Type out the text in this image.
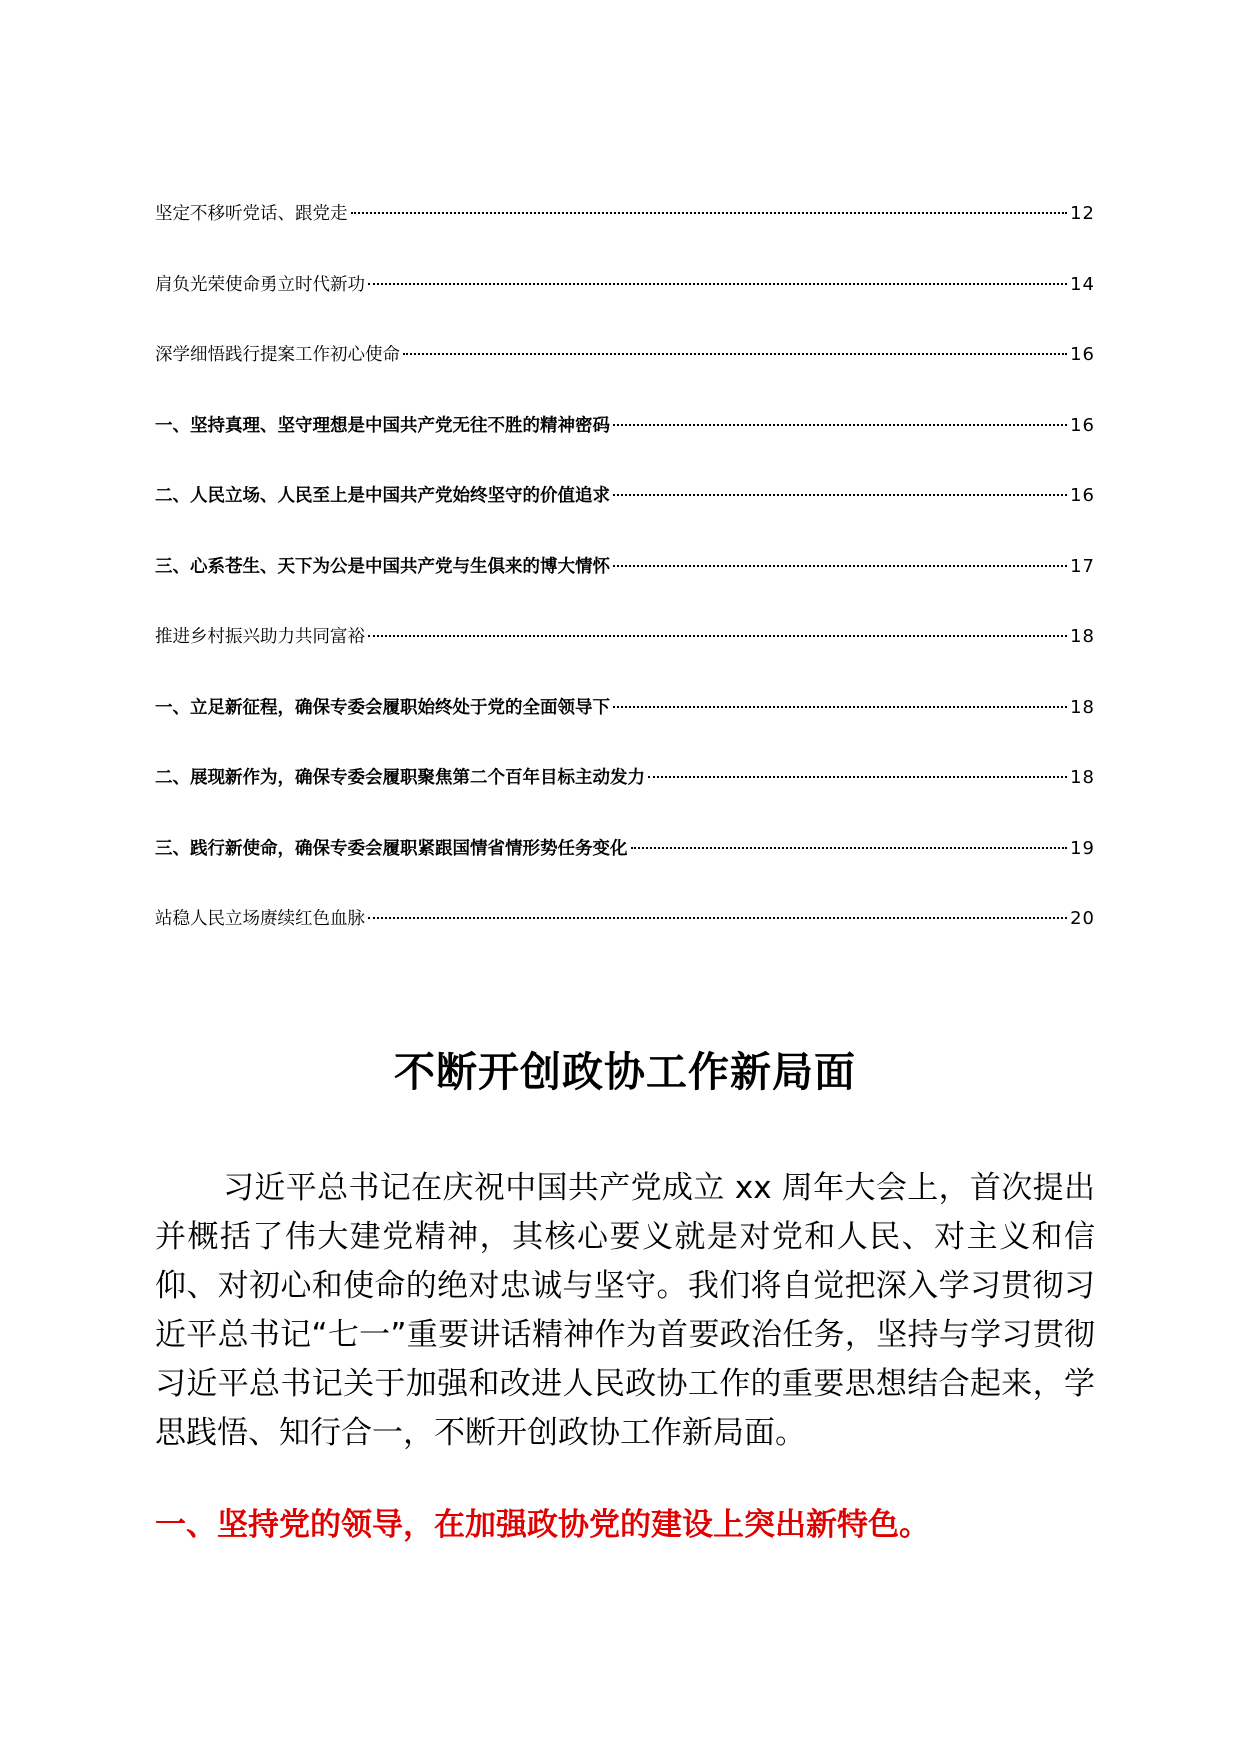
坚定不移听党话、跟党走	12
肩负光荣使命勇立时代新功	14
深学细悟践行提案工作初心使命	16
一、坚持真理、坚守理想是中国共产党无往不胜的精神密码	16
二、人民立场、人民至上是中国共产党始终坚守的价值追求	16
三、心系苍生、天下为公是中国共产党与生俱来的博大情怀	17
推进乡村振兴助力共同富裕	18
一、立足新征程，确保专委会履职始终处于党的全面领导下	18
二、展现新作为，确保专委会履职聚焦第二个百年目标主动发力	18
三、践行新使命，确保专委会履职紧跟国情省情形势任务变化	19
站稳人民立场赓续红色血脉	20
不断开创政协工作新局面

习近平总书记在庆祝中国共产党成立 xx 周年大会上，首次提出并概括了伟大建党精神，其核心要义就是对党和人民、对主义和信仰、对初心和使命的绝对忠诚与坚守。我们将自觉把深入学习贯彻习近平总书记“七一”重要讲话精神作为首要政治任务，坚持与学习贯彻习近平总书记关于加强和改进人民政协工作的重要思想结合起来，学思践悟、知行合一，不断开创政协工作新局面。

一、坚持党的领导，在加强政协党的建设上突出新特色。
